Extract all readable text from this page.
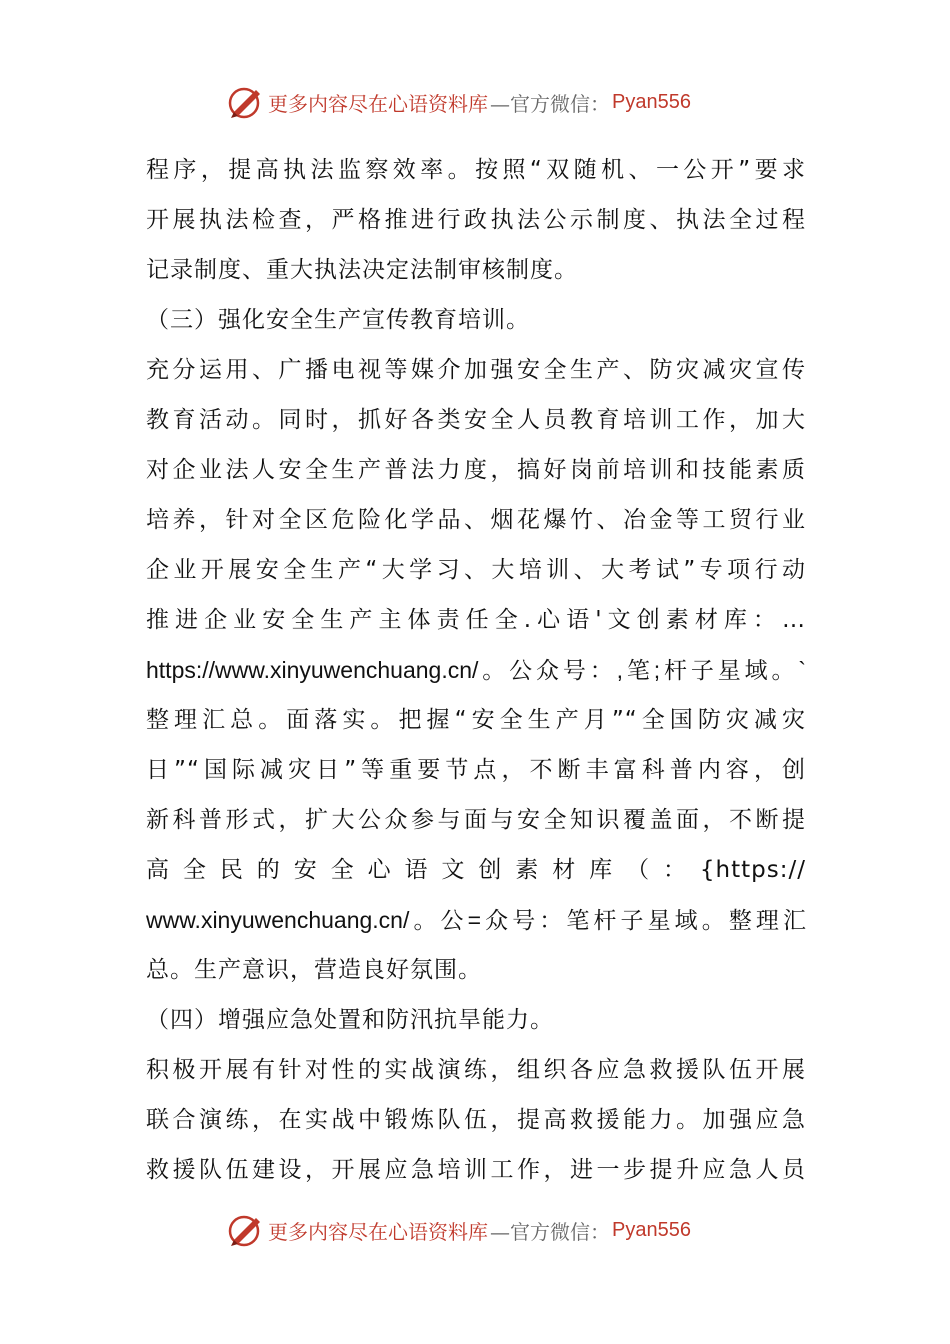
更多内容尽在心语资料库 —官方微信： Pyan556
程序，提高执法监察效率。按照“双随机、一公开”要求
开展执法检查，严格推进行政执法公示制度、执法全过程
记录制度、重大执法决定法制审核制度。
（三）强化安全生产宣传教育培训。
充分运用、广播电视等媒介加强安全生产、防灾减灾宣传
教育活动。同时，抓好各类安全人员教育培训工作，加大
对企业法人安全生产普法力度，搞好岗前培训和技能素质
培养，针对全区危险化学品、烟花爆竹、冶金等工贸行业
企业开展安全生产“大学习、大培训、大考试”专项行动
推进企业安全生产主体责任全.心语'文创素材库：…
https://www.xinyuwenchuang.cn/。公众号：,笔;杆子星域。`
整理汇总。面落实。把握“安全生产月”“全国防灾减灾
日”“国际减灾日”等重要节点，不断丰富科普内容，创
新科普形式，扩大公众参与面与安全知识覆盖面，不断提
高全民的安全心语文创素材库（：{https://
www.xinyuwenchuang.cn/。公=众号：笔杆子星域。整理汇
总。生产意识，营造良好氛围。
（四）增强应急处置和防汛抗旱能力。
积极开展有针对性的实战演练，组织各应急救援队伍开展
联合演练，在实战中锻炼队伍，提高救援能力。加强应急
救援队伍建设，开展应急培训工作，进一步提升应急人员
更多内容尽在心语资料库 —官方微信： Pyan556
